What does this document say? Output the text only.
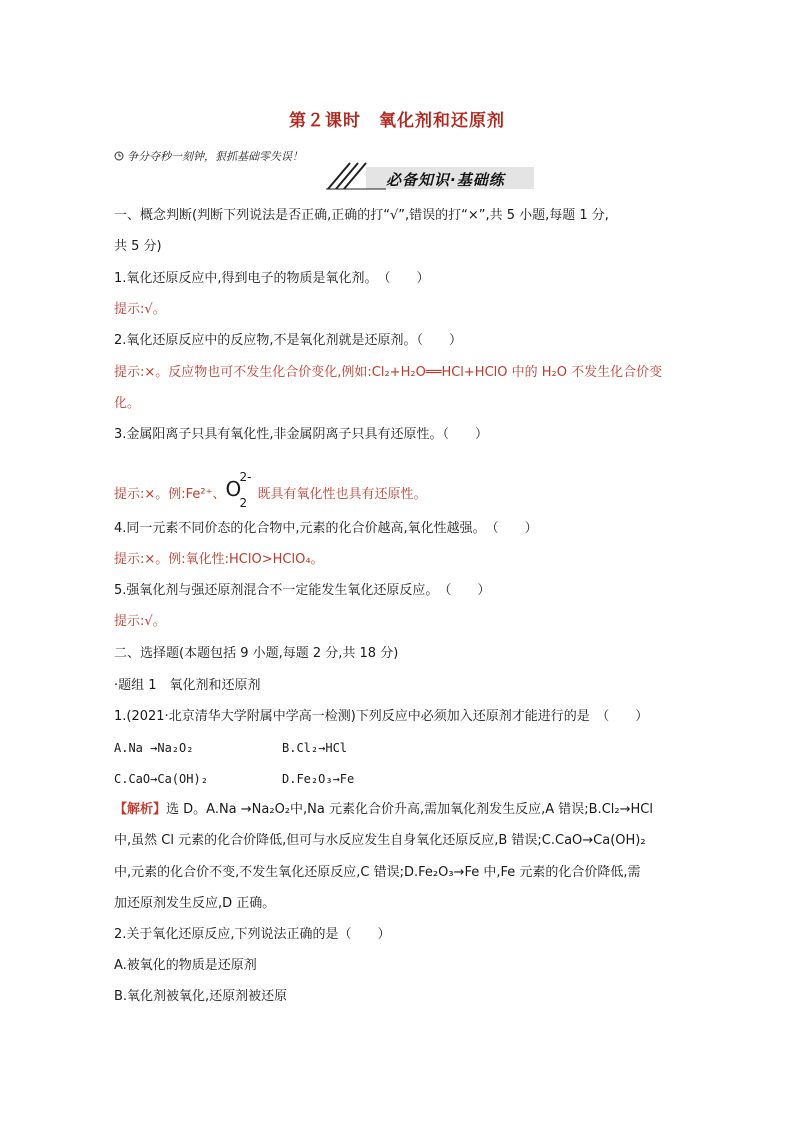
第２课时　氧化剂和还原剂
争分夺秒一刻钟，狠抓基础零失误！
必备知识·基础练
一、概念判断(判断下列说法是否正确,正确的打“√”,错误的打“×”,共 5 小题,每题 1 分,
共 5 分)
1.氧化还原反应中,得到电子的物质是氧化剂。　（　　）
提示:√。
2.氧化还原反应中的反应物,不是氧化剂就是还原剂。（　　）
提示:×。反应物也可不发生化合价变化,例如:Cl₂+H₂O══HCl+HClO 中的 H₂O 不发生化合价变
化。
3.金属阳离子只具有氧化性,非金属阴离子只具有还原性。（　　）
提示:×。例:Fe²⁺、 O
2-
2
既具有氧化性也具有还原性。
4.同一元素不同价态的化合物中,元素的化合价越高,氧化性越强。　（　　）
提示:×。例:氧化性:HClO>HClO₄。
5.强氧化剂与强还原剂混合不一定能发生氧化还原反应。　（　　）
提示:√。
二、选择题(本题包括 9 小题,每题 2 分,共 18 分)
·题组 1　氧化剂和还原剂
1.(2021·北京清华大学附属中学高一检测)下列反应中必须加入还原剂才能进行的是　（　　）
A.Na →Na₂O₂	B.Cl₂→HCl
C.CaO→Ca(OH)₂	D.Fe₂O₃→Fe
【解析】选 D。A.Na →Na₂O₂中,Na 元素化合价升高,需加氧化剂发生反应,A 错误;B.Cl₂→HCl
中,虽然 Cl 元素的化合价降低,但可与水反应发生自身氧化还原反应,B 错误;C.CaO→Ca(OH)₂
中,元素的化合价不变,不发生氧化还原反应,C 错误;D.Fe₂O₃→Fe 中,Fe 元素的化合价降低,需
加还原剂发生反应,D 正确。
2.关于氧化还原反应,下列说法正确的是（　　）
A.被氧化的物质是还原剂
B.氧化剂被氧化,还原剂被还原
